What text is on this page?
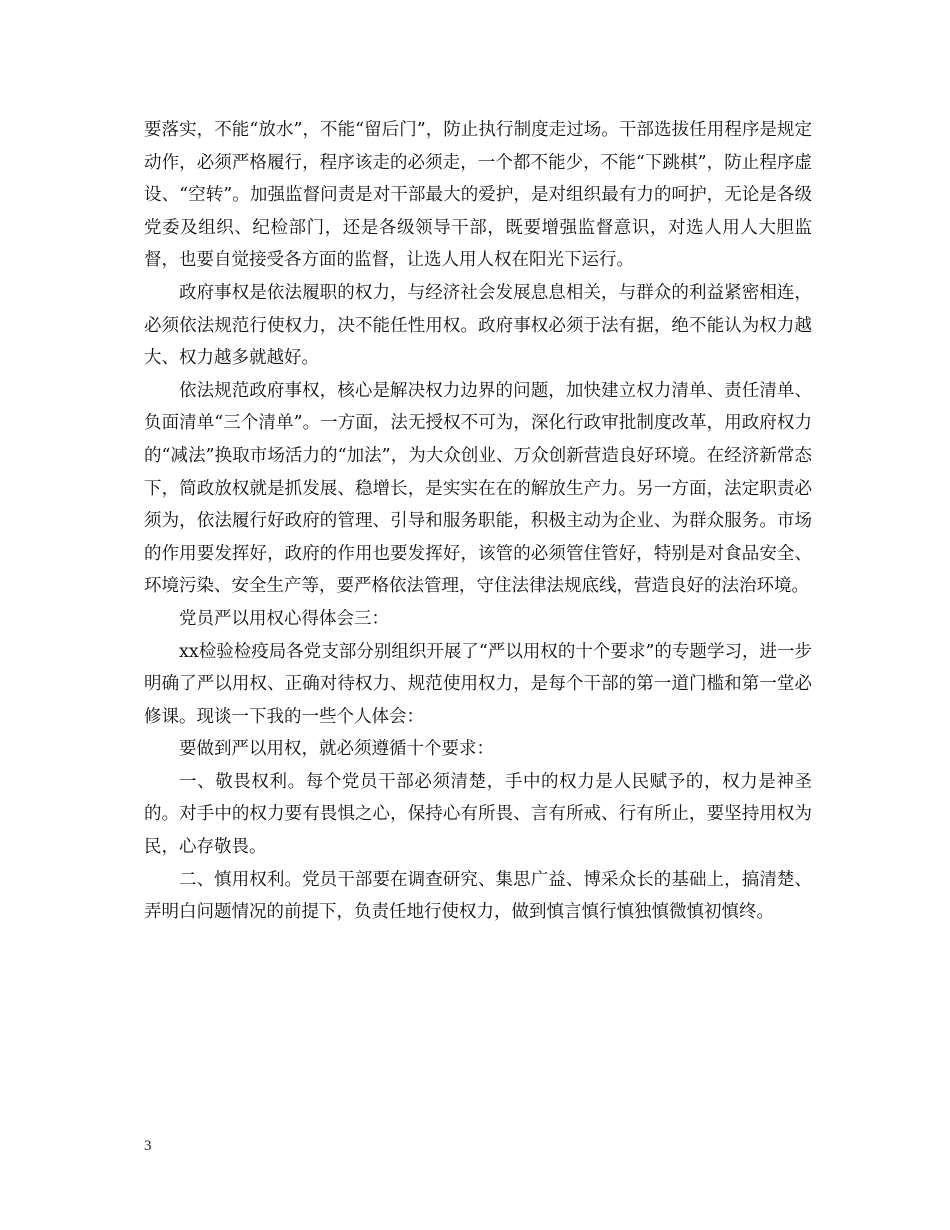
要落实，不能“放水”，不能“留后门”，防止执行制度走过场。干部选拔任用程序是规定动作，必须严格履行，程序该走的必须走，一个都不能少，不能“下跳棋”，防止程序虚设、“空转”。加强监督问责是对干部最大的爱护，是对组织最有力的呵护，无论是各级党委及组织、纪检部门，还是各级领导干部，既要增强监督意识，对选人用人大胆监督，也要自觉接受各方面的监督，让选人用人权在阳光下运行。

政府事权是依法履职的权力，与经济社会发展息息相关，与群众的利益紧密相连，必须依法规范行使权力，决不能任性用权。政府事权必须于法有据，绝不能认为权力越大、权力越多就越好。

依法规范政府事权，核心是解决权力边界的问题，加快建立权力清单、责任清单、负面清单“三个清单”。一方面，法无授权不可为，深化行政审批制度改革，用政府权力的“减法”换取市场活力的“加法”，为大众创业、万众创新营造良好环境。在经济新常态下，简政放权就是抓发展、稳增长，是实实在在的解放生产力。另一方面，法定职责必须为，依法履行好政府的管理、引导和服务职能，积极主动为企业、为群众服务。市场的作用要发挥好，政府的作用也要发挥好，该管的必须管住管好，特别是对食品安全、环境污染、安全生产等，要严格依法管理，守住法律法规底线，营造良好的法治环境。

党员严以用权心得体会三：

xx检验检疫局各党支部分别组织开展了“严以用权的十个要求”的专题学习，进一步明确了严以用权、正确对待权力、规范使用权力，是每个干部的第一道门槛和第一堂必修课。现谈一下我的一些个人体会：

要做到严以用权，就必须遵循十个要求：

一、敬畏权利。每个党员干部必须清楚，手中的权力是人民赋予的，权力是神圣的。对手中的权力要有畏惧之心，保持心有所畏、言有所戒、行有所止，要坚持用权为民，心存敬畏。

二、慎用权利。党员干部要在调查研究、集思广益、博采众长的基础上，搞清楚、弄明白问题情况的前提下，负责任地行使权力，做到慎言慎行慎独慎微慎初慎终。

3
